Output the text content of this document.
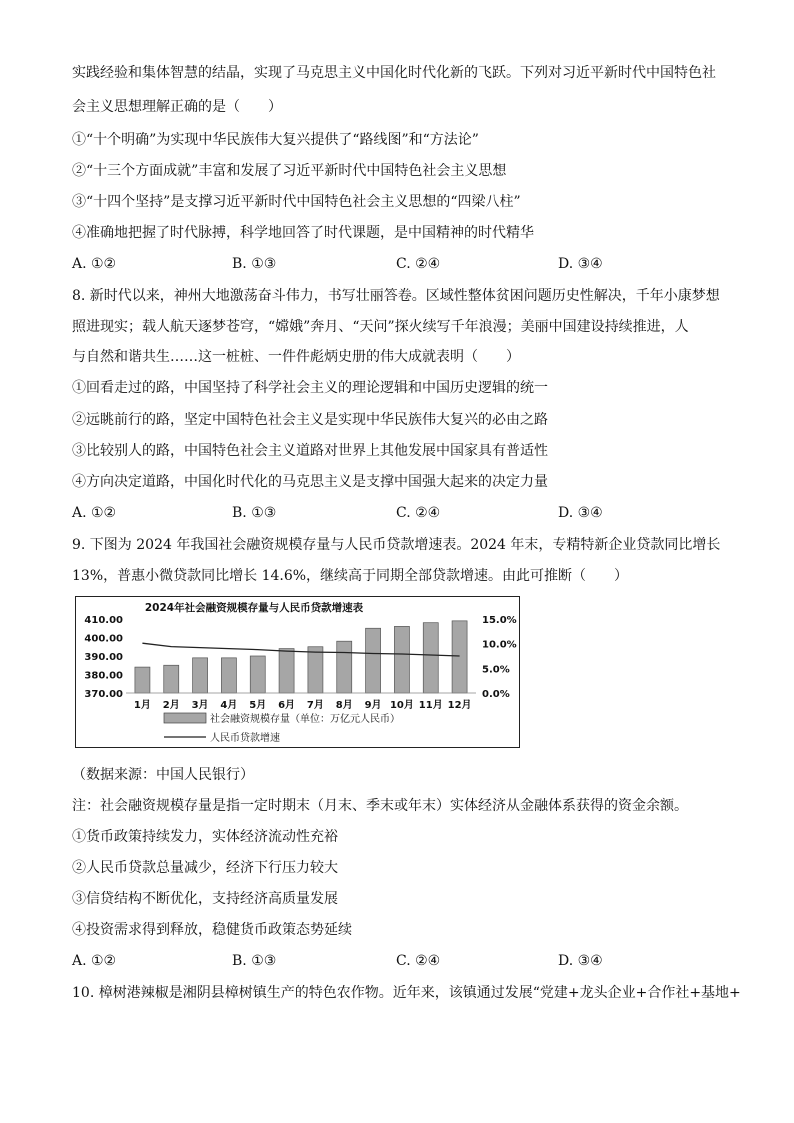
实践经验和集体智慧的结晶，实现了马克思主义中国化时代化新的飞跃。下列对习近平新时代中国特色社
会主义思想理解正确的是（　　）
①“十个明确”为实现中华民族伟大复兴提供了“路线图”和“方法论”
②“十三个方面成就”丰富和发展了习近平新时代中国特色社会主义思想
③“十四个坚持”是支撑习近平新时代中国特色社会主义思想的“四梁八柱”
④准确地把握了时代脉搏，科学地回答了时代课题，是中国精神的时代精华
A. ①②	B. ①③	C. ②④	D. ③④
8. 新时代以来，神州大地激荡奋斗伟力，书写壮丽答卷。区域性整体贫困问题历史性解决，千年小康梦想
照进现实；载人航天逐梦苍穹，“嫦娥”奔月、“天问”探火续写千年浪漫；美丽中国建设持续推进，人
与自然和谐共生……这一桩桩、一件件彪炳史册的伟大成就表明（　　）
①回看走过的路，中国坚持了科学社会主义的理论逻辑和中国历史逻辑的统一
②远眺前行的路，坚定中国特色社会主义是实现中华民族伟大复兴的必由之路
③比较别人的路，中国特色社会主义道路对世界上其他发展中国家具有普适性
④方向决定道路，中国化时代化的马克思主义是支撑中国强大起来的决定力量
A. ①②	B. ①③	C. ②④	D. ③④
9. 下图为 2024 年我国社会融资规模存量与人民币贷款增速表。2024 年末，专精特新企业贷款同比增长
13%，普惠小微贷款同比增长 14.6%，继续高于同期全部贷款增速。由此可推断（　　）
2024年社会融资规模存量与人民币贷款增速表
410.00
400.00
390.00
380.00
370.00
15.0%
10.0%
5.0%
0.0%
1月 2月 3月 4月 5月 6月 7月 8月 9月 10月 11月 12月
社会融资规模存量（单位：万亿元人民币）
人民币贷款增速
（数据来源：中国人民银行）
注：社会融资规模存量是指一定时期末（月末、季末或年末）实体经济从金融体系获得的资金余额。
①货币政策持续发力，实体经济流动性充裕
②人民币贷款总量减少，经济下行压力较大
③信贷结构不断优化，支持经济高质量发展
④投资需求得到释放，稳健货币政策态势延续
A. ①②	B. ①③	C. ②④	D. ③④
10. 樟树港辣椒是湘阴县樟树镇生产的特色农作物。近年来，该镇通过发展“党建+龙头企业+合作社+基地+
